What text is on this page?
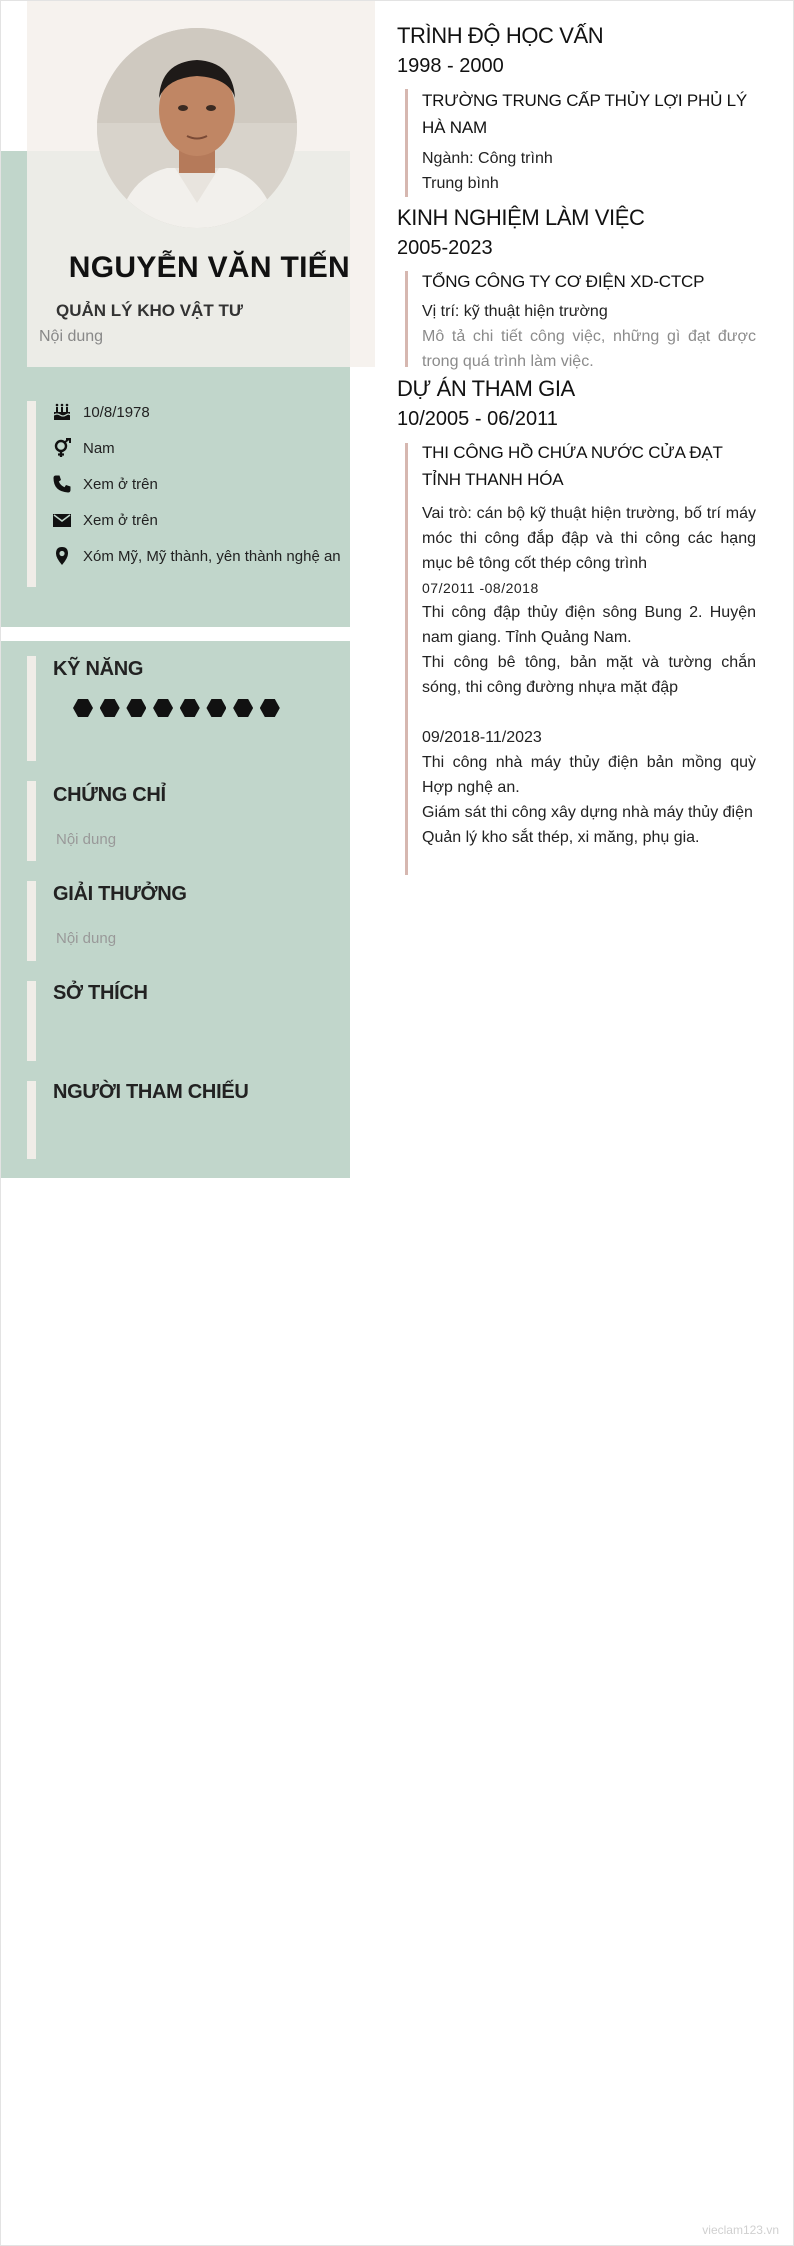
NGUYỄN VĂN TIẾN
QUẢN LÝ KHO VẬT TƯ
Nội dung
10/8/1978
Nam
Xem ở trên
Xem ở trên
Xóm Mỹ, Mỹ thành, yên thành nghệ an
KỸ NĂNG
CHỨNG CHỈ
Nội dung
GIẢI THƯỞNG
Nội dung
SỞ THÍCH
NGƯỜI THAM CHIẾU
TRÌNH ĐỘ HỌC VẤN
1998 - 2000
TRƯỜNG TRUNG CẤP THỦY LỢI PHỦ LÝ HÀ NAM
Ngành: Công trình
Trung bình
KINH NGHIỆM LÀM VIỆC
2005-2023
TỔNG CÔNG TY CƠ ĐIỆN XD-CTCP
Vị trí: kỹ thuật hiện trường
Mô tả chi tiết công việc, những gì đạt được trong quá trình làm việc.
DỰ ÁN THAM GIA
10/2005 - 06/2011
THI CÔNG HỒ CHỨA NƯỚC CỬA ĐẠT TỈNH THANH HÓA
Vai trò: cán bộ kỹ thuật hiện trường, bố trí máy móc thi công đắp đập và thi công các hạng mục bê tông cốt thép công trình
07/2011 -08/2018
Thi công đập thủy điện sông Bung 2. Huyện nam giang. Tỉnh Quảng Nam.
Thi công bê tông, bản mặt và tường chắn sóng, thi công đường nhựa mặt đập
09/2018-11/2023
Thi công nhà máy thủy điện bản mồng quỳ Hợp nghệ an.
Giám sát thi công xây dựng nhà máy thủy điện
Quản lý kho sắt thép, xi măng, phụ gia.
vieclam123.vn
